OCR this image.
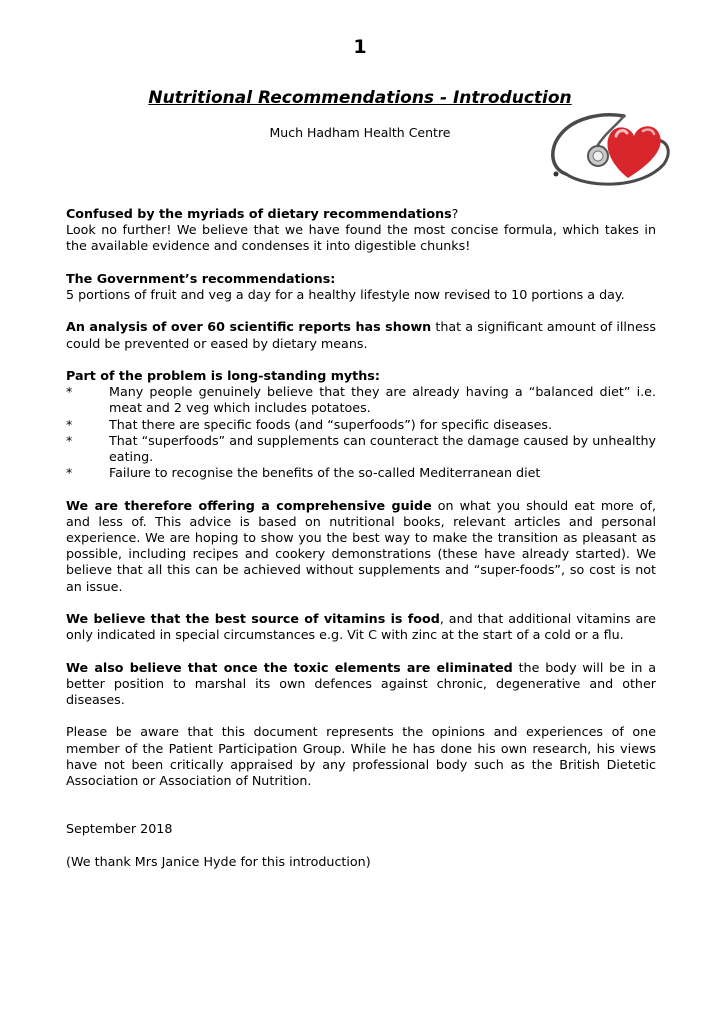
1
Nutritional Recommendations - Introduction
Much Hadham Health Centre

Confused by the myriads of dietary recommendations?
Look no further! We believe that we have found the most concise formula, which takes in the available evidence and condenses it into digestible chunks!

The Government’s recommendations:
5 portions of fruit and veg a day for a healthy lifestyle now revised to 10 portions a day.

An analysis of over 60 scientific reports has shown that a significant amount of illness could be prevented or eased by dietary means.

Part of the problem is long-standing myths:
*	Many people genuinely believe that they are already having a “balanced diet” i.e. meat and 2 veg which includes potatoes.
*	That there are specific foods (and “superfoods”) for specific diseases.
*	That “superfoods” and supplements can counteract the damage caused by unhealthy eating.
*	Failure to recognise the benefits of the so-called Mediterranean diet

We are therefore offering a comprehensive guide on what you should eat more of, and less of. This advice is based on nutritional books, relevant articles and personal experience. We are hoping to show you the best way to make the transition as pleasant as possible, including recipes and cookery demonstrations (these have already started). We believe that all this can be achieved without supplements and “super-foods”, so cost is not an issue.

We believe that the best source of vitamins is food, and that additional vitamins are only indicated in special circumstances e.g. Vit C with zinc at the start of a cold or a flu.

We also believe that once the toxic elements are eliminated the body will be in a better position to marshal its own defences against chronic, degenerative and other diseases.

Please be aware that this document represents the opinions and experiences of one member of the Patient Participation Group. While he has done his own research, his views have not been critically appraised by any professional body such as the British Dietetic Association or Association of Nutrition.

September 2018

(We thank Mrs Janice Hyde for this introduction)
